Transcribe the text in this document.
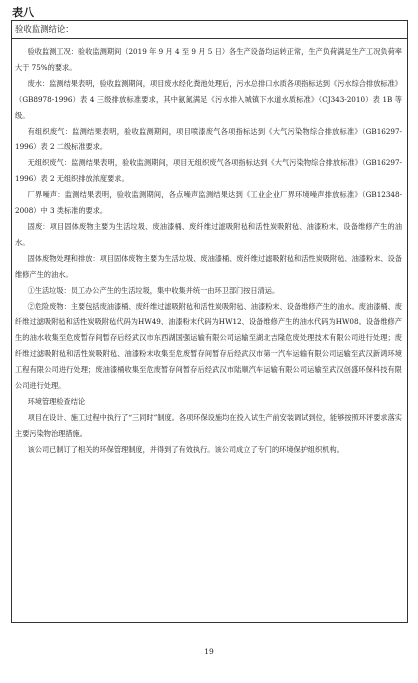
表八
验收监测结论：

验收监测工况：验收监测期间（2019 年 9 月 4 至 9 月 5 日）各生产设备均运转正常，生产负荷满足生产工况负荷率大于 75%的要求。

废水：监测结果表明，验收监测期间，项目废水经化粪池处理后，污水总排口水质各项指标达到《污水综合排放标准》（GB8978-1996）表 4 三级排放标准要求，其中氨氮满足《污水排入城镇下水道水质标准》（CJ343-2010）表 1B 等级。

有组织废气：监测结果表明，验收监测期间，项目喷漆废气各项指标达到《大气污染物综合排放标准》（GB16297-1996）表 2 二级标准要求。

无组织废气：监测结果表明，验收监测期间，项目无组织废气各项指标达到《大气污染物综合排放标准》（GB16297-1996）表 2 无组织排放浓度要求。

厂界噪声：监测结果表明，验收监测期间，各点噪声监测结果达到《工业企业厂界环境噪声排放标准》（GB12348-2008）中 3 类标准的要求。

固废：项目固体废物主要为生活垃圾、废油漆桶、废纤维过滤吸附毡和活性炭吸附毡、油漆粉末、设备维修产生的油水。

固体废物处理和排放：项目固体废物主要为生活垃圾、废油漆桶、废纤维过滤吸附毡和活性炭吸附毡、油漆粉末、设备维修产生的油水。

①生活垃圾：员工办公产生的生活垃圾，集中收集并统一由环卫部门按日清运。

②危险废物：主要包括废油漆桶、废纤维过滤吸附毡和活性炭吸附毡、油漆粉末、设备维修产生的油水。废油漆桶、废纤维过滤吸附毡和活性炭吸附毡代码为HW49、油漆粉末代码为HW12、设备维修产生的油水代码为HW08。设备维修产生的油水收集至危废暂存间暂存后经武汉市东西湖国强运输有限公司运输至湖北吉隆危废处理技术有限公司进行处理；废纤维过滤吸附毡和活性炭吸附毡、油漆粉末收集至危废暂存间暂存后经武汉市第一汽车运输有限公司运输至武汉新鸿环境工程有限公司进行处理；废油漆桶收集至危废暂存间暂存后经武汉市陆顺汽车运输有限公司运输至武汉创盛环保科技有限公司进行处理。

环境管理检查结论

项目在设计、施工过程中执行了“三同时”制度。各项环保设施均在投入试生产前安装调试到位，能够按照环评要求落实主要污染物治理措施。

该公司已制订了相关的环保管理制度，并得到了有效执行。该公司成立了专门的环境保护组织机构。

19
